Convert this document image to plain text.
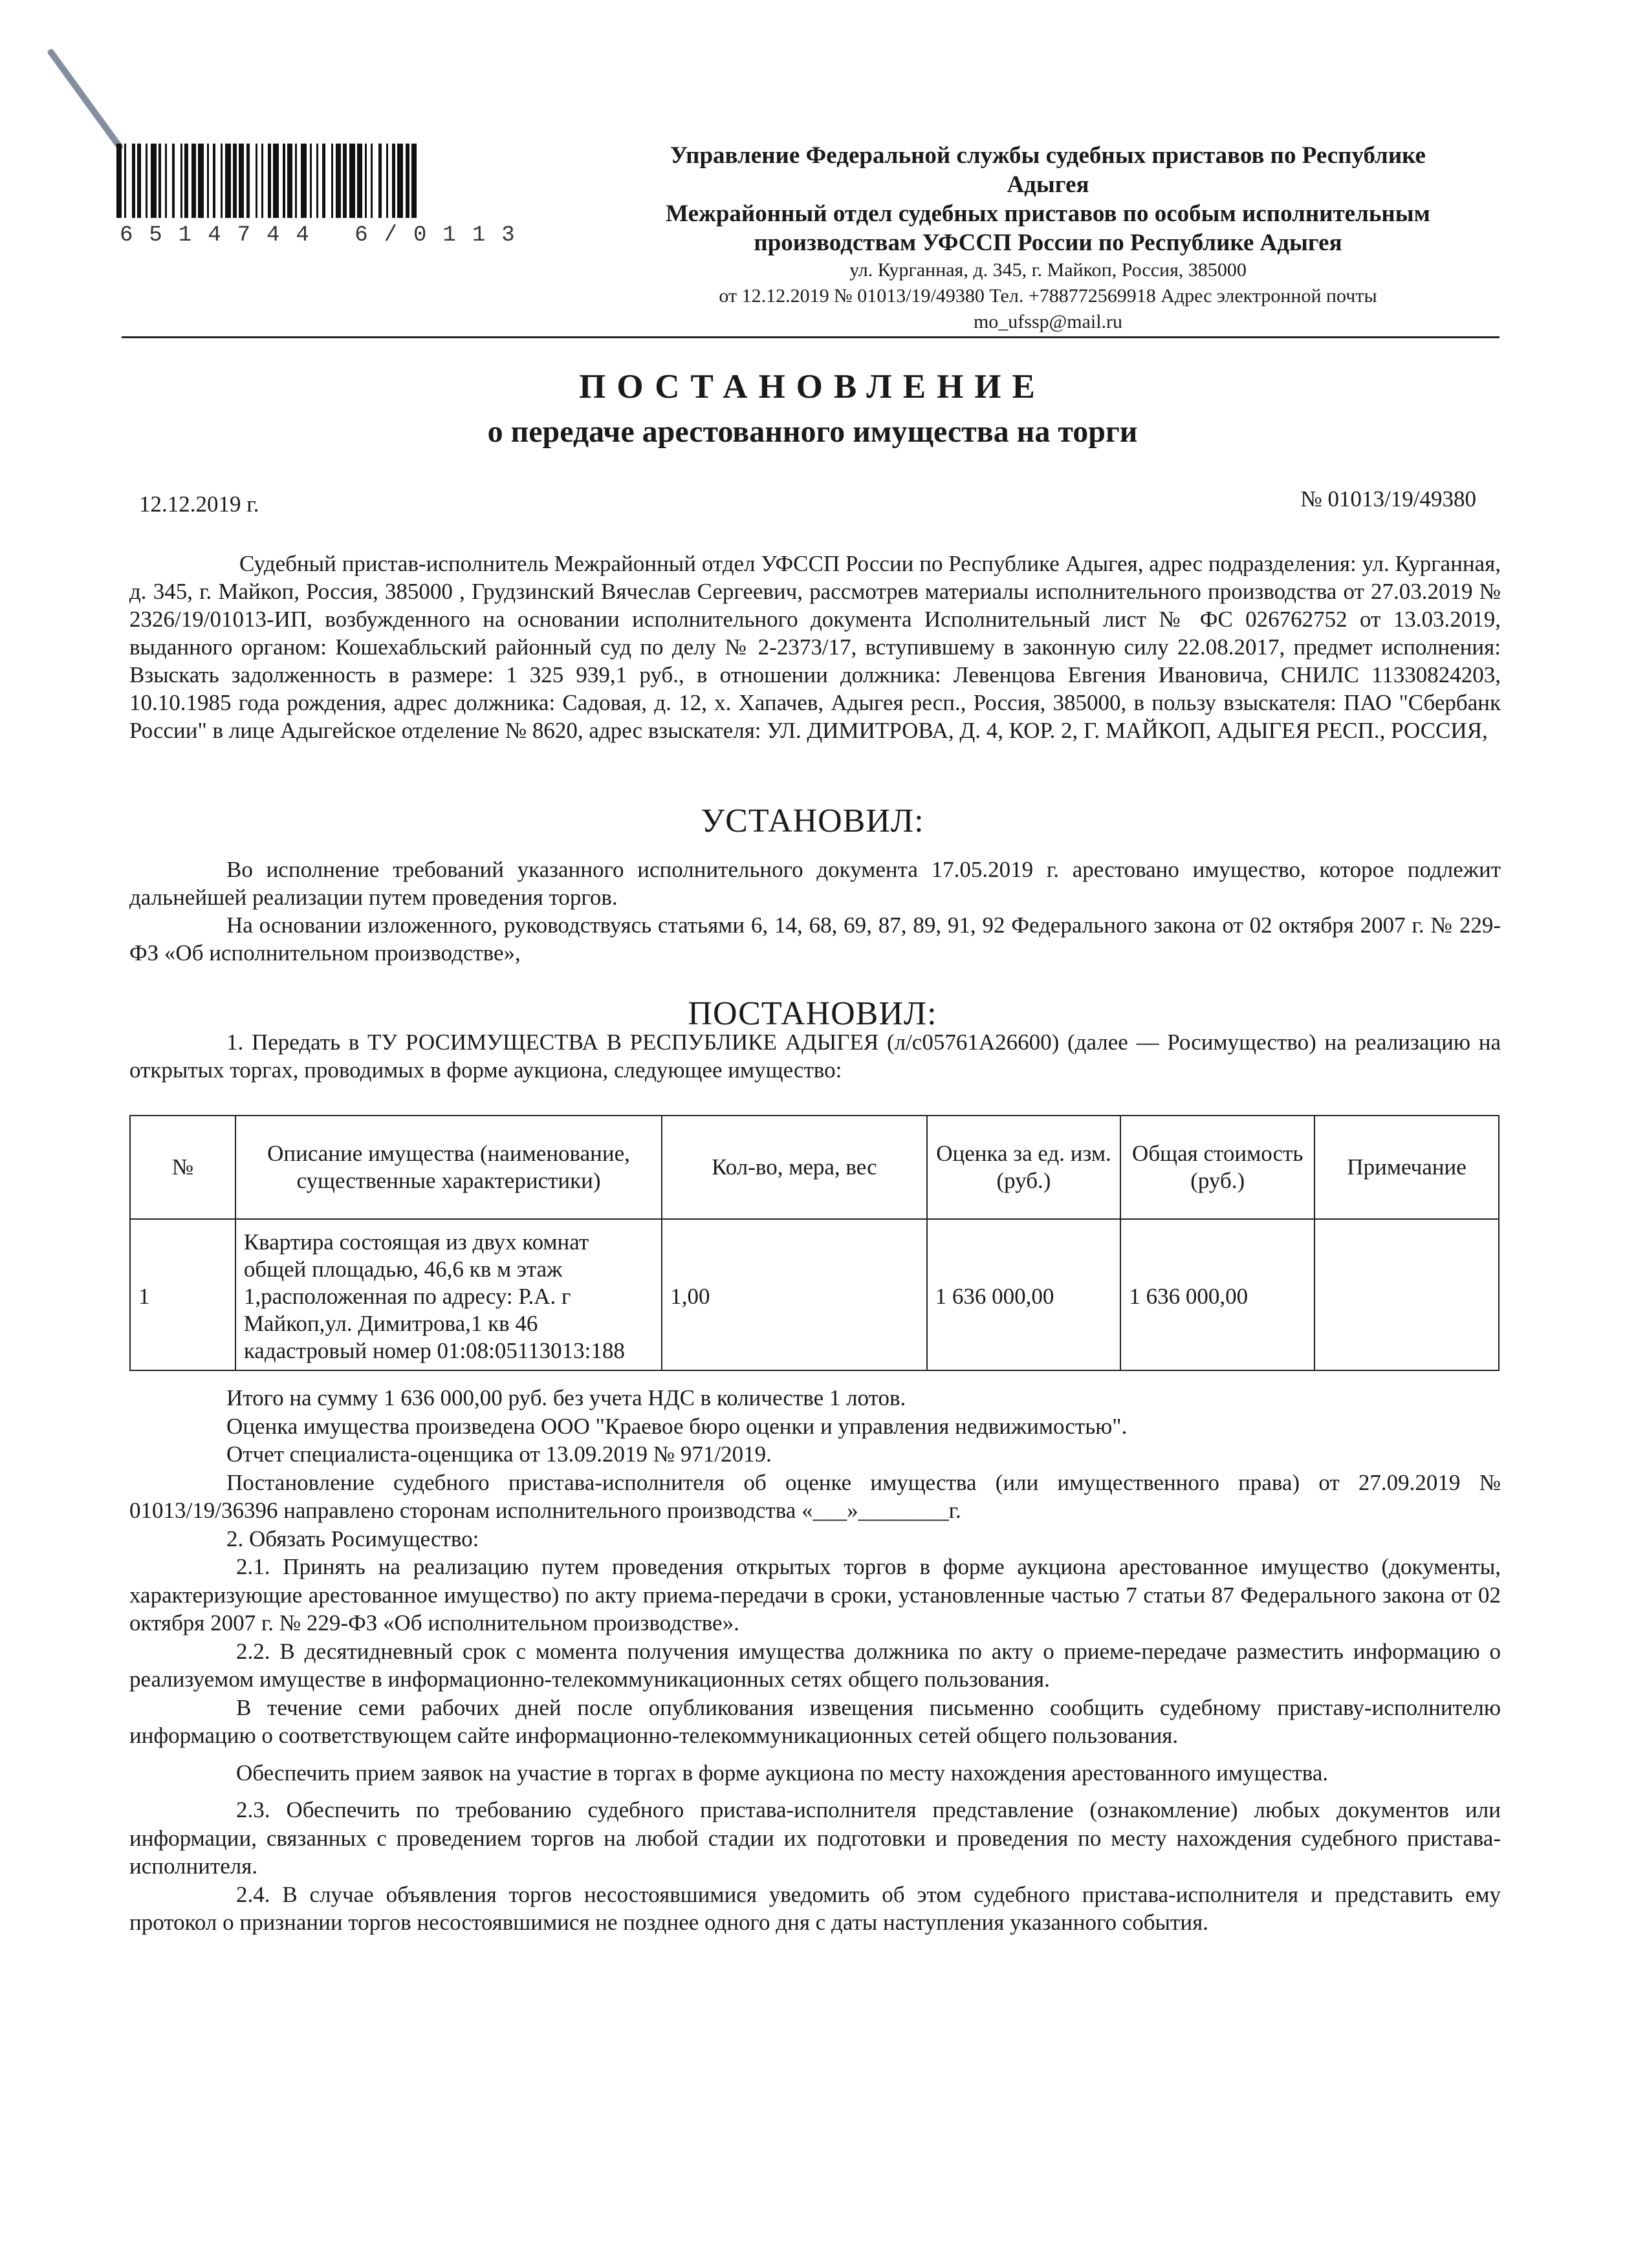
6514744 6/0113
Управление Федеральной службы судебных приставов по Республике
Адыгея
Межрайонный отдел судебных приставов по особым исполнительным
производствам УФССП России по Республике Адыгея
ул. Курганная, д. 345, г. Майкоп, Россия, 385000
от 12.12.2019 № 01013/19/49380 Тел. +788772569918 Адрес электронной почты
mo_ufssp@mail.ru
ПОСТАНОВЛЕНИЕ
о передаче арестованного имущества на торги
12.12.2019 г.	№ 01013/19/49380
Судебный пристав-исполнитель Межрайонный отдел УФССП России по Республике Адыгея, адрес подразделения: ул. Курганная, д. 345, г. Майкоп, Россия, 385000 , Грудзинский Вячеслав Сергеевич, рассмотрев материалы исполнительного производства от 27.03.2019 № 2326/19/01013-ИП, возбужденного на основании исполнительного документа Исполнительный лист № ФС 026762752 от 13.03.2019, выданного органом: Кошехабльский районный суд по делу № 2-2373/17, вступившему в законную силу 22.08.2017, предмет исполнения: Взыскать задолженность в размере: 1 325 939,1 руб., в отношении должника: Левенцова Евгения Ивановича, СНИЛС 11330824203, 10.10.1985 года рождения, адрес должника: Садовая, д. 12, х. Хапачев, Адыгея респ., Россия, 385000, в пользу взыскателя: ПАО "Сбербанк России" в лице Адыгейское отделение № 8620, адрес взыскателя: УЛ. ДИМИТРОВА, Д. 4, КОР. 2, Г. МАЙКОП, АДЫГЕЯ РЕСП., РОССИЯ,
УСТАНОВИЛ:
Во исполнение требований указанного исполнительного документа 17.05.2019 г. арестовано имущество, которое подлежит дальнейшей реализации путем проведения торгов.
На основании изложенного, руководствуясь статьями 6, 14, 68, 69, 87, 89, 91, 92 Федерального закона от 02 октября 2007 г. № 229-ФЗ «Об исполнительном производстве»,
ПОСТАНОВИЛ:
1. Передать в ТУ РОСИМУЩЕСТВА В РЕСПУБЛИКЕ АДЫГЕЯ (л/с05761А26600) (далее — Росимущество) на реализацию на открытых торгах, проводимых в форме аукциона, следующее имущество:
№	Описание имущества (наименование, существенные характеристики)	Кол-во, мера, вес	Оценка за ед. изм. (руб.)	Общая стоимость (руб.)	Примечание
1	Квартира состоящая из двух комнат общей площадью, 46,6 кв м этаж 1,расположенная по адресу: Р.А. г Майкоп,ул. Димитрова,1 кв 46 кадастровый номер 01:08:05113013:188	1,00	1 636 000,00	1 636 000,00	

Итого на сумму 1 636 000,00 руб. без учета НДС в количестве 1 лотов.

Оценка имущества произведена ООО "Краевое бюро оценки и управления недвижимостью".

Отчет специалиста-оценщика от 13.09.2019 № 971/2019.

Постановление судебного пристава-исполнителя об оценке имущества (или имущественного права) от 27.09.2019 № 01013/19/36396 направлено сторонам исполнительного производства «___»________г.

2. Обязать Росимущество:

2.1. Принять на реализацию путем проведения открытых торгов в форме аукциона арестованное имущество (документы, характеризующие арестованное имущество) по акту приема-передачи в сроки, установленные частью 7 статьи 87 Федерального закона от 02 октября 2007 г. № 229-ФЗ «Об исполнительном производстве».

2.2. В десятидневный срок с момента получения имущества должника по акту о приеме-передаче разместить информацию о реализуемом имуществе в информационно-телекоммуникационных сетях общего пользования.

В течение семи рабочих дней после опубликования извещения письменно сообщить судебному приставу-исполнителю информацию о соответствующем сайте информационно-телекоммуникационных сетей общего пользования.

Обеспечить прием заявок на участие в торгах в форме аукциона по месту нахождения арестованного имущества.

2.3. Обеспечить по требованию судебного пристава-исполнителя представление (ознакомление) любых документов или информации, связанных с проведением торгов на любой стадии их подготовки и проведения по месту нахождения судебного пристава-исполнителя.

2.4. В случае объявления торгов несостоявшимися уведомить об этом судебного пристава-исполнителя и представить ему протокол о признании торгов несостоявшимися не позднее одного дня с даты наступления указанного события.
